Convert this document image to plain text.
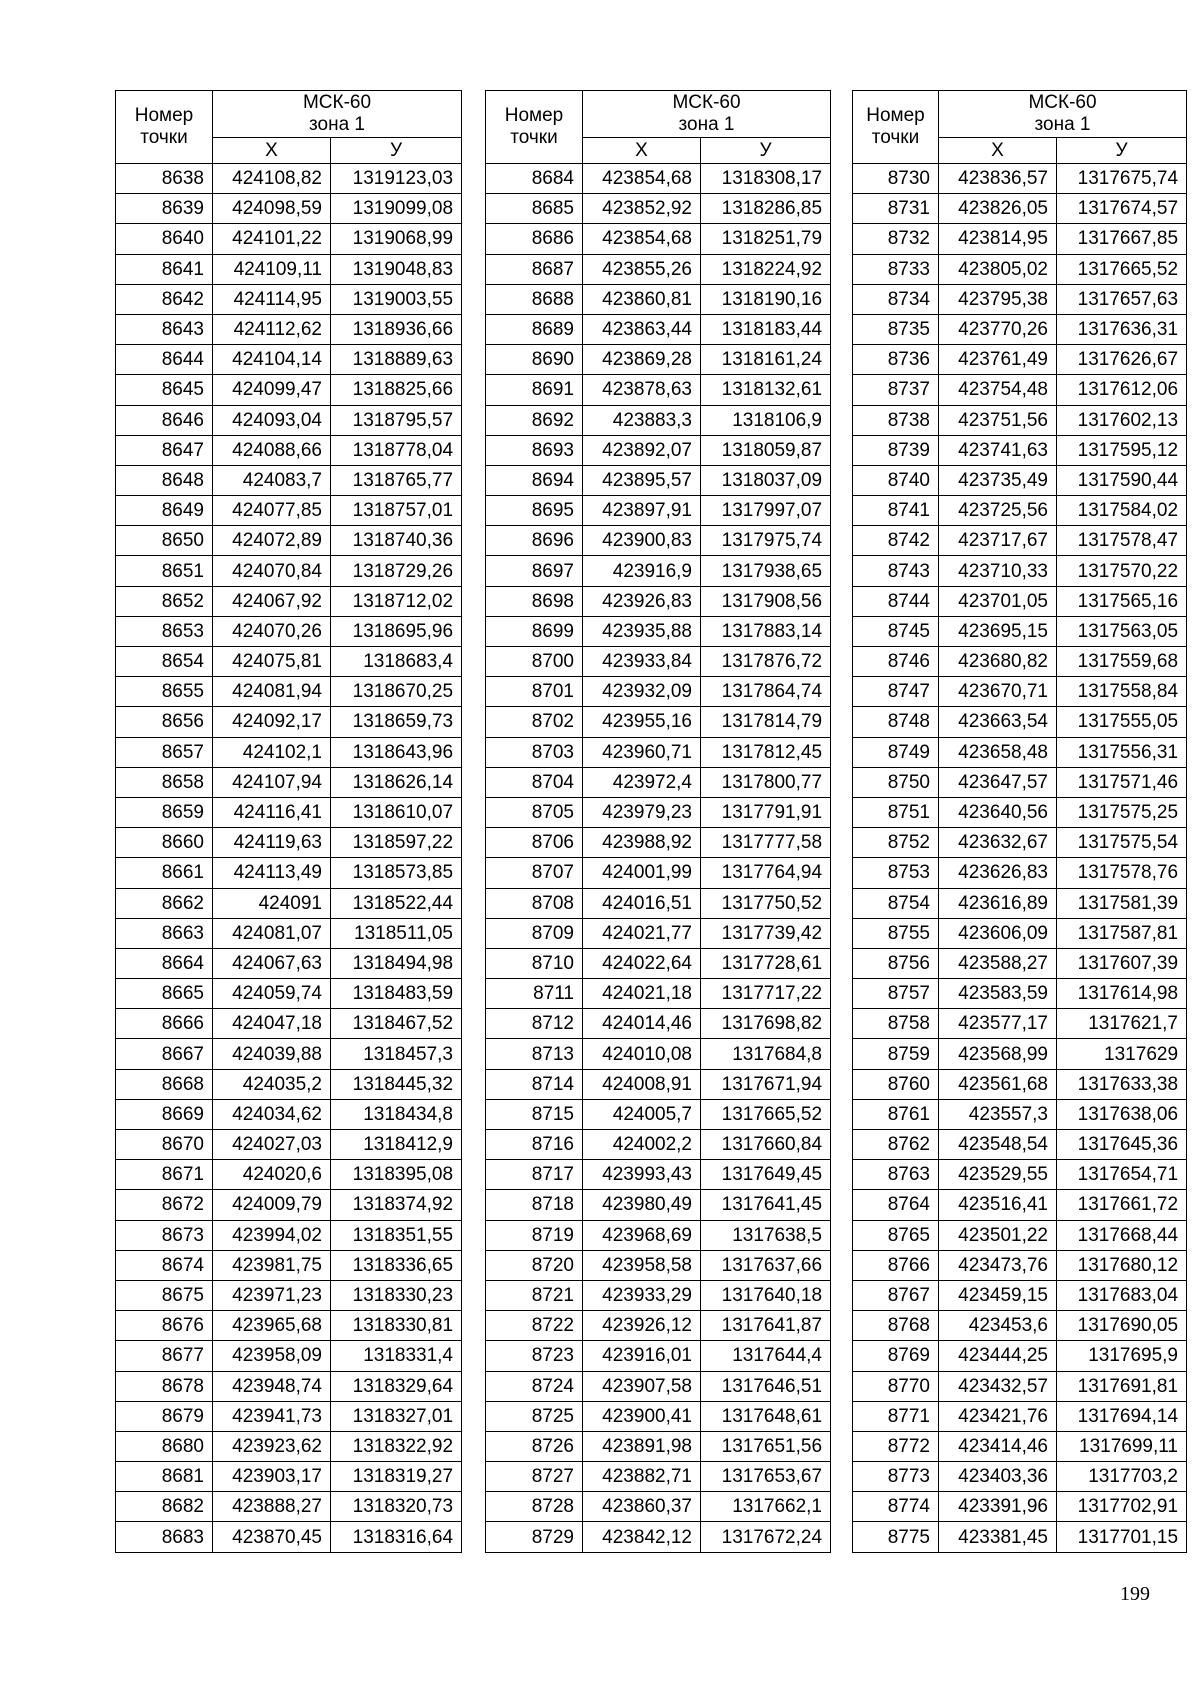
Номер
точки	МСК-60
зона 1	
	Х	У
8638	424108,82	1319123,03
8639	424098,59	1319099,08
8640	424101,22	1319068,99
8641	424109,11	1319048,83
8642	424114,95	1319003,55
8643	424112,62	1318936,66
8644	424104,14	1318889,63
8645	424099,47	1318825,66
8646	424093,04	1318795,57
8647	424088,66	1318778,04
8648	424083,7	1318765,77
8649	424077,85	1318757,01
8650	424072,89	1318740,36
8651	424070,84	1318729,26
8652	424067,92	1318712,02
8653	424070,26	1318695,96
8654	424075,81	1318683,4
8655	424081,94	1318670,25
8656	424092,17	1318659,73
8657	424102,1	1318643,96
8658	424107,94	1318626,14
8659	424116,41	1318610,07
8660	424119,63	1318597,22
8661	424113,49	1318573,85
8662	424091	1318522,44
8663	424081,07	1318511,05
8664	424067,63	1318494,98
8665	424059,74	1318483,59
8666	424047,18	1318467,52
8667	424039,88	1318457,3
8668	424035,2	1318445,32
8669	424034,62	1318434,8
8670	424027,03	1318412,9
8671	424020,6	1318395,08
8672	424009,79	1318374,92
8673	423994,02	1318351,55
8674	423981,75	1318336,65
8675	423971,23	1318330,23
8676	423965,68	1318330,81
8677	423958,09	1318331,4
8678	423948,74	1318329,64
8679	423941,73	1318327,01
8680	423923,62	1318322,92
8681	423903,17	1318319,27
8682	423888,27	1318320,73
8683	423870,45	1318316,64
Номер
точки	МСК-60
зона 1	
	Х	У
8684	423854,68	1318308,17
8685	423852,92	1318286,85
8686	423854,68	1318251,79
8687	423855,26	1318224,92
8688	423860,81	1318190,16
8689	423863,44	1318183,44
8690	423869,28	1318161,24
8691	423878,63	1318132,61
8692	423883,3	1318106,9
8693	423892,07	1318059,87
8694	423895,57	1318037,09
8695	423897,91	1317997,07
8696	423900,83	1317975,74
8697	423916,9	1317938,65
8698	423926,83	1317908,56
8699	423935,88	1317883,14
8700	423933,84	1317876,72
8701	423932,09	1317864,74
8702	423955,16	1317814,79
8703	423960,71	1317812,45
8704	423972,4	1317800,77
8705	423979,23	1317791,91
8706	423988,92	1317777,58
8707	424001,99	1317764,94
8708	424016,51	1317750,52
8709	424021,77	1317739,42
8710	424022,64	1317728,61
8711	424021,18	1317717,22
8712	424014,46	1317698,82
8713	424010,08	1317684,8
8714	424008,91	1317671,94
8715	424005,7	1317665,52
8716	424002,2	1317660,84
8717	423993,43	1317649,45
8718	423980,49	1317641,45
8719	423968,69	1317638,5
8720	423958,58	1317637,66
8721	423933,29	1317640,18
8722	423926,12	1317641,87
8723	423916,01	1317644,4
8724	423907,58	1317646,51
8725	423900,41	1317648,61
8726	423891,98	1317651,56
8727	423882,71	1317653,67
8728	423860,37	1317662,1
8729	423842,12	1317672,24
Номер
точки	МСК-60
зона 1	
	Х	У
8730	423836,57	1317675,74
8731	423826,05	1317674,57
8732	423814,95	1317667,85
8733	423805,02	1317665,52
8734	423795,38	1317657,63
8735	423770,26	1317636,31
8736	423761,49	1317626,67
8737	423754,48	1317612,06
8738	423751,56	1317602,13
8739	423741,63	1317595,12
8740	423735,49	1317590,44
8741	423725,56	1317584,02
8742	423717,67	1317578,47
8743	423710,33	1317570,22
8744	423701,05	1317565,16
8745	423695,15	1317563,05
8746	423680,82	1317559,68
8747	423670,71	1317558,84
8748	423663,54	1317555,05
8749	423658,48	1317556,31
8750	423647,57	1317571,46
8751	423640,56	1317575,25
8752	423632,67	1317575,54
8753	423626,83	1317578,76
8754	423616,89	1317581,39
8755	423606,09	1317587,81
8756	423588,27	1317607,39
8757	423583,59	1317614,98
8758	423577,17	1317621,7
8759	423568,99	1317629
8760	423561,68	1317633,38
8761	423557,3	1317638,06
8762	423548,54	1317645,36
8763	423529,55	1317654,71
8764	423516,41	1317661,72
8765	423501,22	1317668,44
8766	423473,76	1317680,12
8767	423459,15	1317683,04
8768	423453,6	1317690,05
8769	423444,25	1317695,9
8770	423432,57	1317691,81
8771	423421,76	1317694,14
8772	423414,46	1317699,11
8773	423403,36	1317703,2
8774	423391,96	1317702,91
8775	423381,45	1317701,15
199
